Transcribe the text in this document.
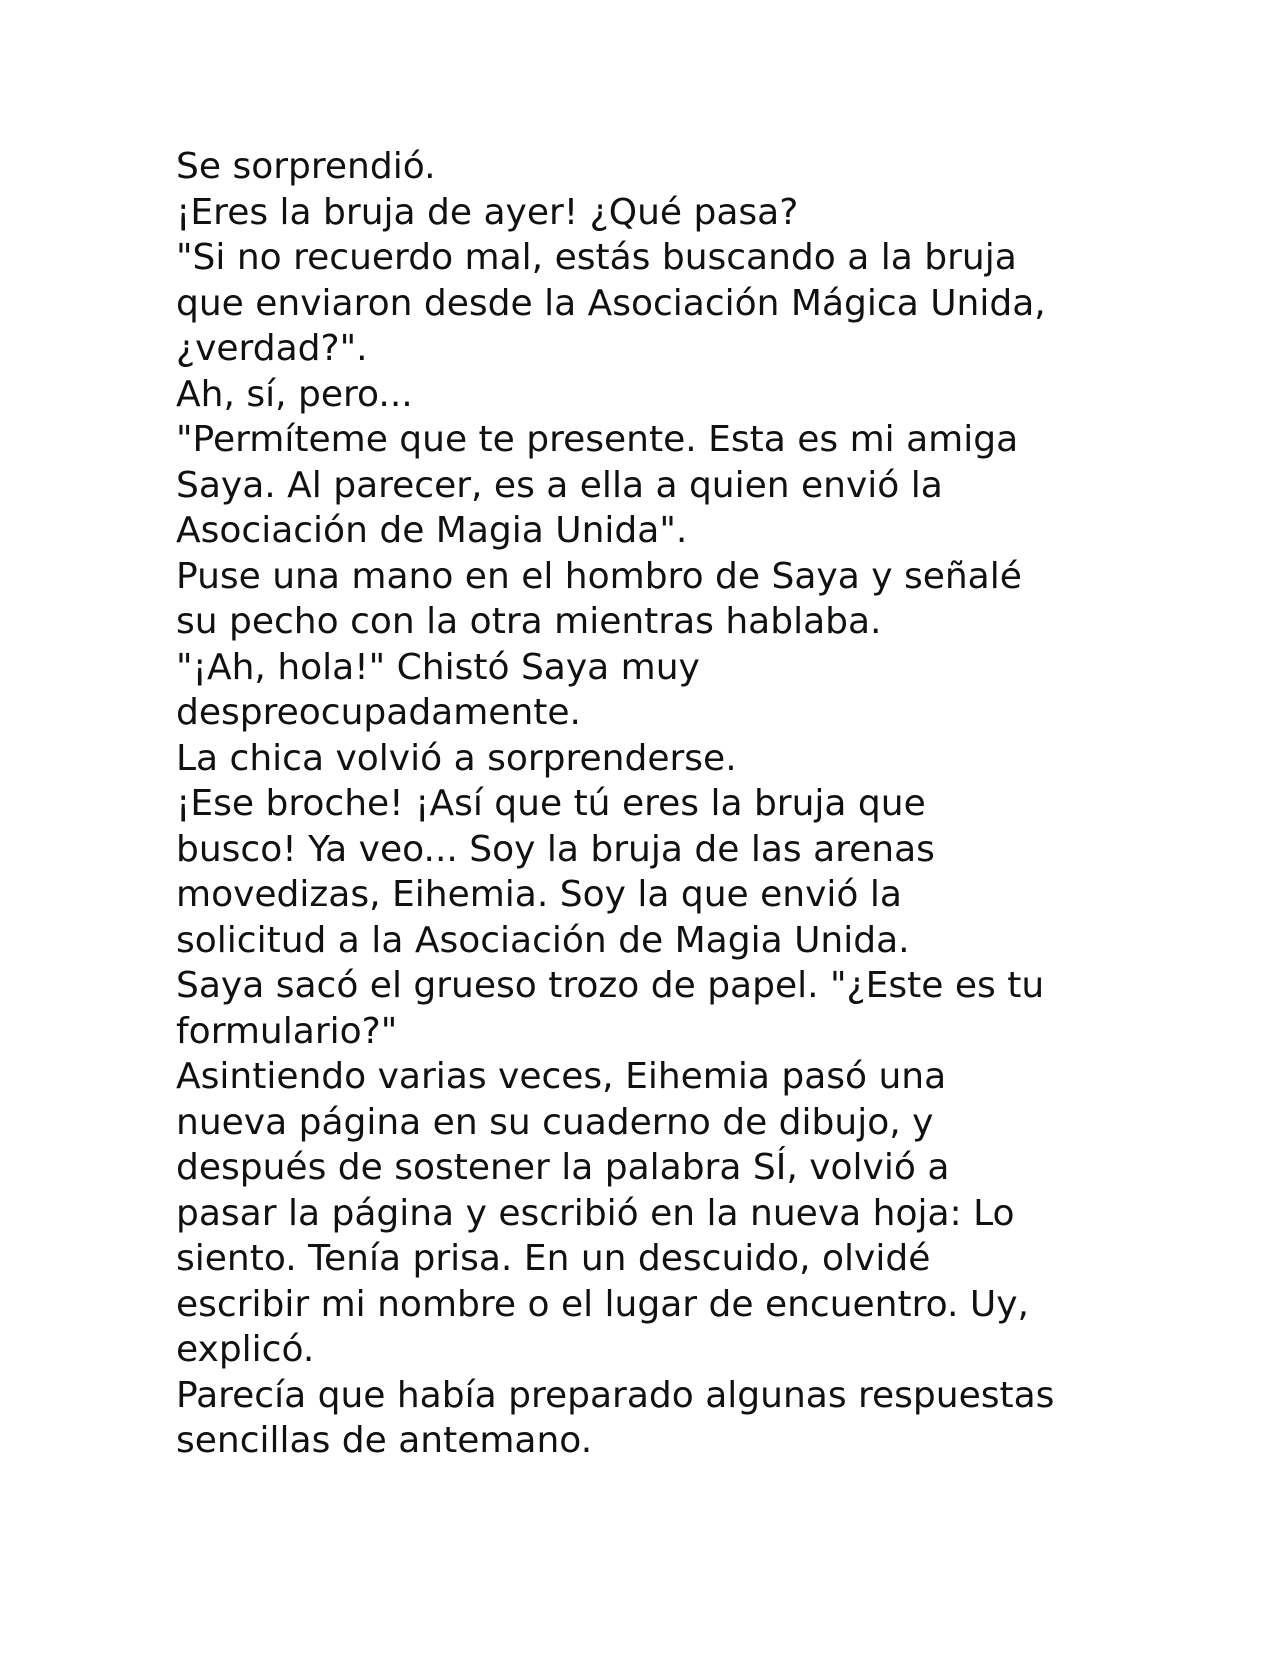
Se sorprendió.
¡Eres la bruja de ayer! ¿Qué pasa?
"Si no recuerdo mal, estás buscando a la bruja
que enviaron desde la Asociación Mágica Unida,
¿verdad?".
Ah, sí, pero...
"Permíteme que te presente. Esta es mi amiga
Saya. Al parecer, es a ella a quien envió la
Asociación de Magia Unida".
Puse una mano en el hombro de Saya y señalé
su pecho con la otra mientras hablaba.
"¡Ah, hola!" Chistó Saya muy
despreocupadamente.
La chica volvió a sorprenderse.
¡Ese broche! ¡Así que tú eres la bruja que
busco! Ya veo... Soy la bruja de las arenas
movedizas, Eihemia. Soy la que envió la
solicitud a la Asociación de Magia Unida.
Saya sacó el grueso trozo de papel. "¿Este es tu
formulario?"
Asintiendo varias veces, Eihemia pasó una
nueva página en su cuaderno de dibujo, y
después de sostener la palabra SÍ, volvió a
pasar la página y escribió en la nueva hoja: Lo
siento. Tenía prisa. En un descuido, olvidé
escribir mi nombre o el lugar de encuentro. Uy,
explicó.
Parecía que había preparado algunas respuestas
sencillas de antemano.
